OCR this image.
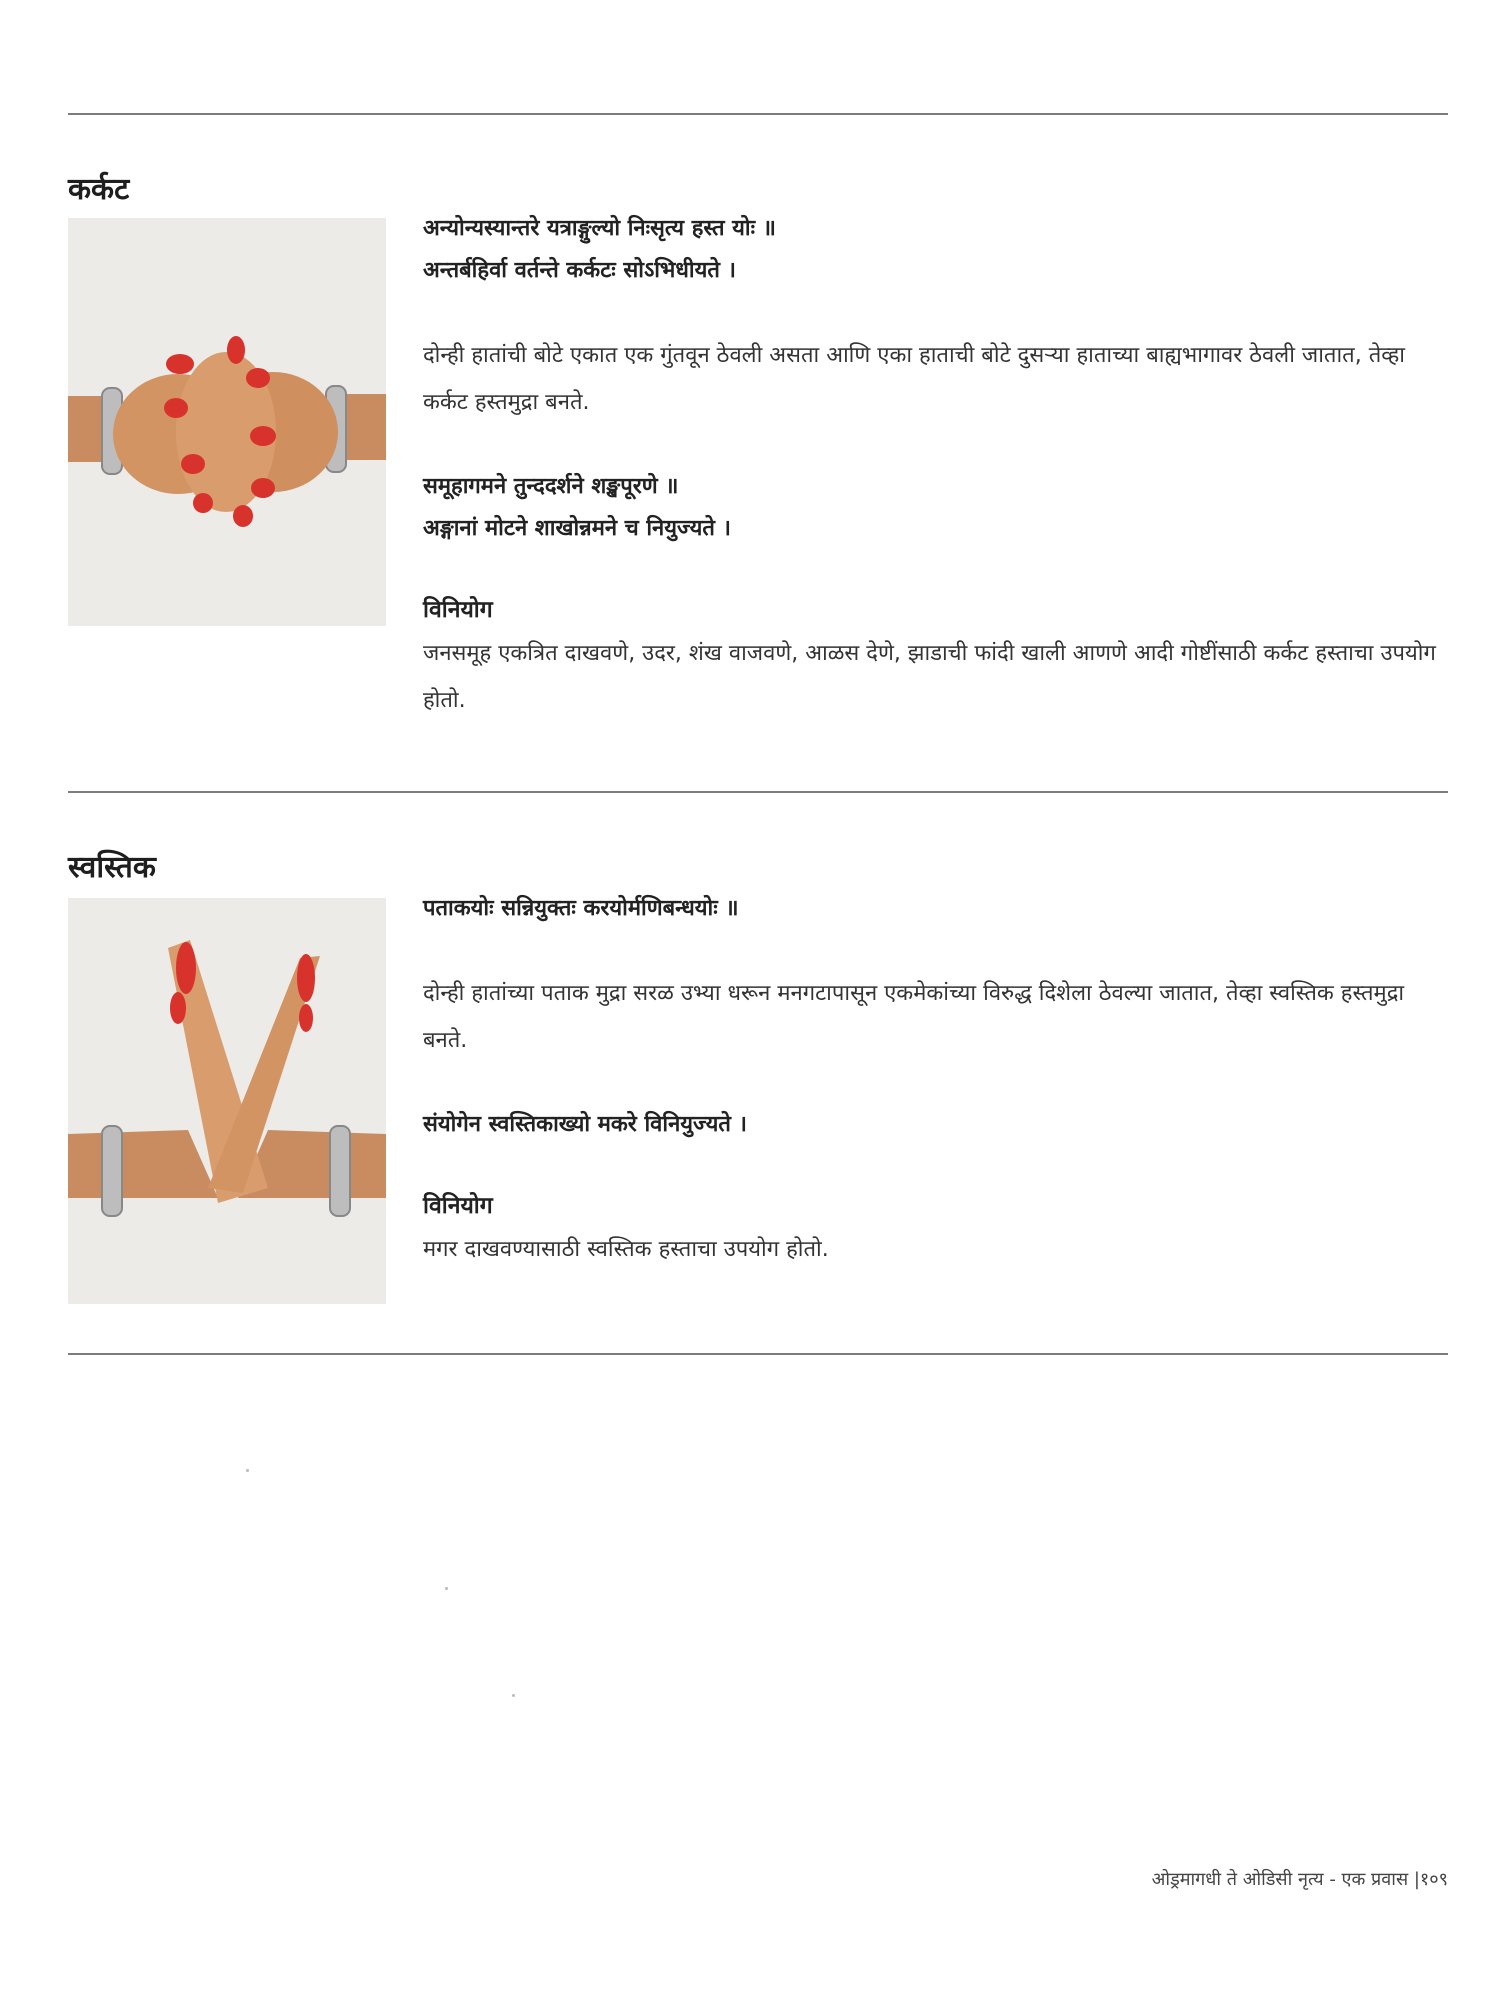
कर्कट
अन्योन्यस्यान्तरे यत्राङ्गुल्यो निःसृत्य हस्त योः ॥
अन्तर्बहिर्वा वर्तन्ते कर्कटः सोऽभिधीयते ।
दोन्ही हातांची बोटे एकात एक गुंतवून ठेवली असता आणि एका हाताची बोटे दुसऱ्या हाताच्या बाह्यभागावर ठेवली जातात, तेव्हा कर्कट हस्तमुद्रा बनते.
समूहागमने तुन्ददर्शने शङ्खपूरणे ॥
अङ्गानां मोटने शाखोन्नमने च नियुज्यते ।
विनियोग
जनसमूह एकत्रित दाखवणे, उदर, शंख वाजवणे, आळस देणे, झाडाची फांदी खाली आणणे आदी गोष्टींसाठी कर्कट हस्ताचा उपयोग होतो.
स्वस्तिक
पताकयोः सन्नियुक्तः करयोर्मणिबन्धयोः ॥
दोन्ही हातांच्या पताक मुद्रा सरळ उभ्या धरून मनगटापासून एकमेकांच्या विरुद्ध दिशेला ठेवल्या जातात, तेव्हा स्वस्तिक हस्तमुद्रा बनते.
संयोगेन स्वस्तिकाख्यो मकरे विनियुज्यते ।
विनियोग
मगर दाखवण्यासाठी स्वस्तिक हस्ताचा उपयोग होतो.
ओड्रमागधी ते ओडिसी नृत्य - एक प्रवास |१०९
